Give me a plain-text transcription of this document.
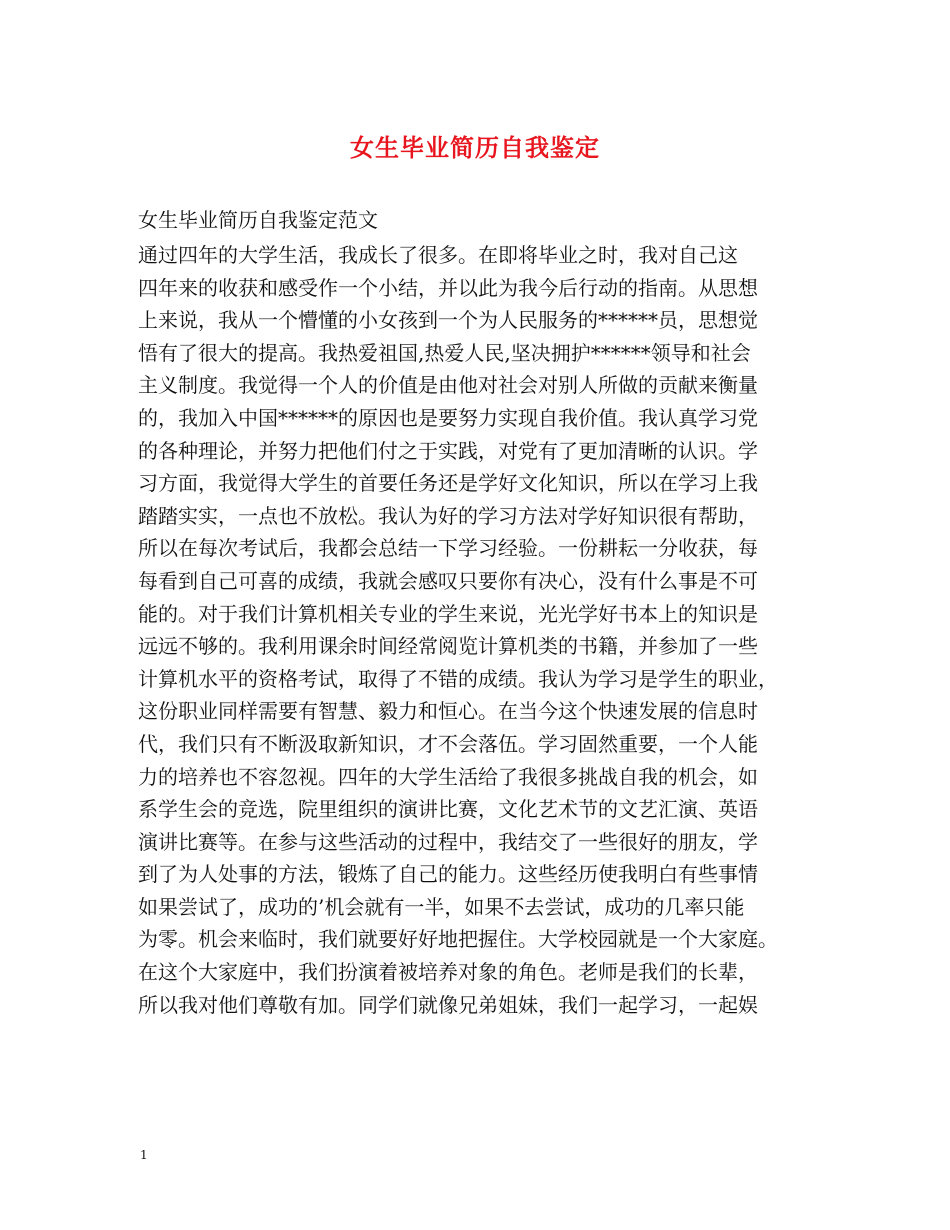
女生毕业简历自我鉴定
女生毕业简历自我鉴定范文
通过四年的大学生活，我成长了很多。在即将毕业之时，我对自己这
四年来的收获和感受作一个小结，并以此为我今后行动的指南。从思想
上来说，我从一个懵懂的小女孩到一个为人民服务的******员，思想觉
悟有了很大的提高。我热爱祖国,热爱人民,坚决拥护******领导和社会
主义制度。我觉得一个人的价值是由他对社会对别人所做的贡献来衡量
的，我加入中国******的原因也是要努力实现自我价值。我认真学习党
的各种理论，并努力把他们付之于实践，对党有了更加清晰的认识。学
习方面，我觉得大学生的首要任务还是学好文化知识，所以在学习上我
踏踏实实，一点也不放松。我认为好的学习方法对学好知识很有帮助，
所以在每次考试后，我都会总结一下学习经验。一份耕耘一分收获，每
每看到自己可喜的成绩，我就会感叹只要你有决心，没有什么事是不可
能的。对于我们计算机相关专业的学生来说，光光学好书本上的知识是
远远不够的。我利用课余时间经常阅览计算机类的书籍，并参加了一些
计算机水平的资格考试，取得了不错的成绩。我认为学习是学生的职业，
这份职业同样需要有智慧、毅力和恒心。在当今这个快速发展的信息时
代，我们只有不断汲取新知识，才不会落伍。学习固然重要，一个人能
力的培养也不容忽视。四年的大学生活给了我很多挑战自我的机会，如
系学生会的竞选，院里组织的演讲比赛，文化艺术节的文艺汇演、英语
演讲比赛等。在参与这些活动的过程中，我结交了一些很好的朋友，学
到了为人处事的方法，锻炼了自己的能力。这些经历使我明白有些事情
如果尝试了，成功的’机会就有一半，如果不去尝试，成功的几率只能
为零。机会来临时，我们就要好好地把握住。大学校园就是一个大家庭。
在这个大家庭中，我们扮演着被培养对象的角色。老师是我们的长辈，
所以我对他们尊敬有加。同学们就像兄弟姐妹，我们一起学习，一起娱
1
